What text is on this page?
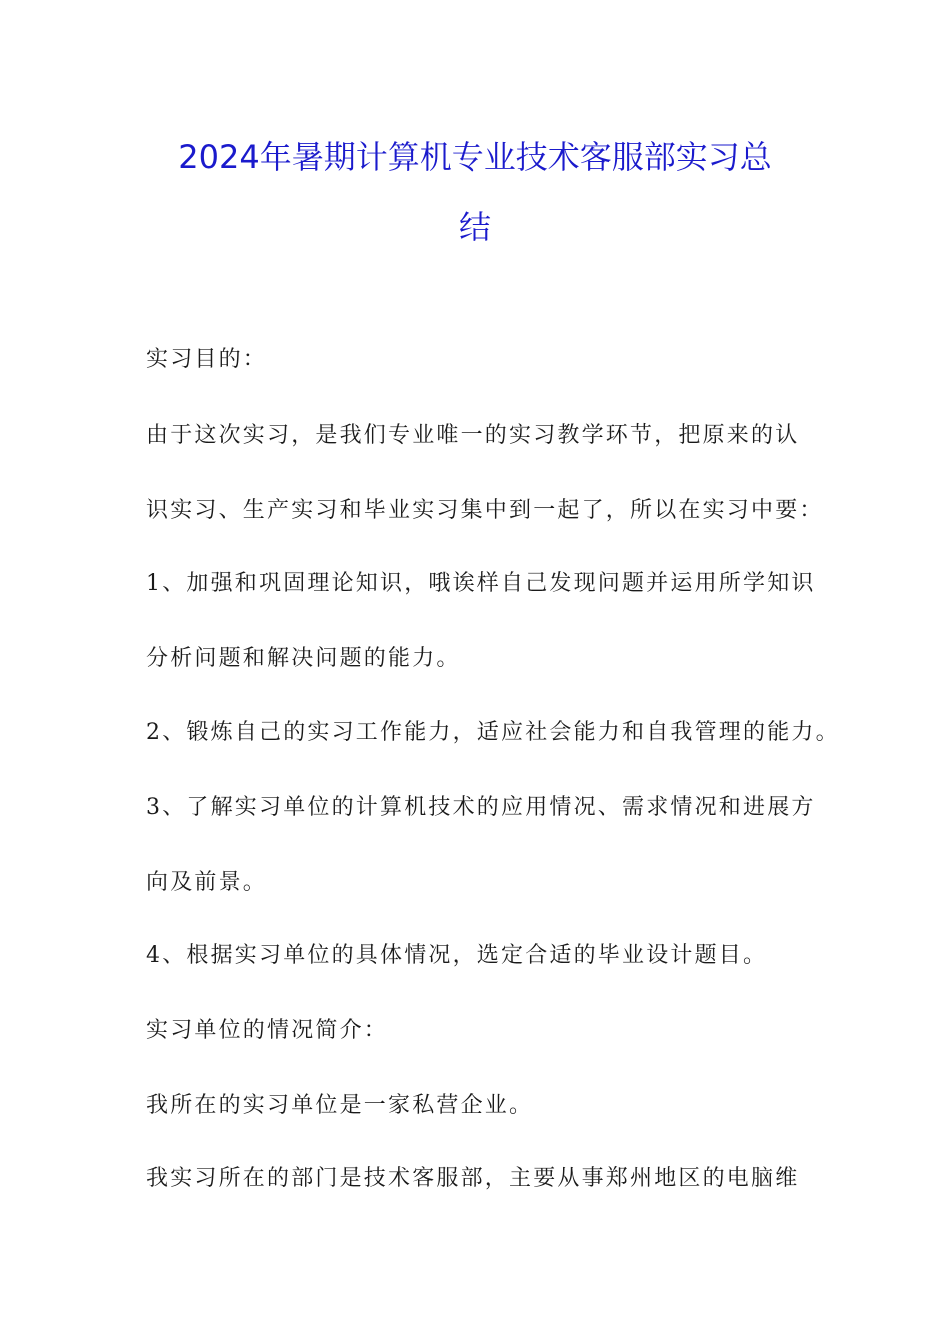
2024年暑期计算机专业技术客服部实习总
结
实习目的：
由于这次实习，是我们专业唯一的实习教学环节，把原来的认
识实习、生产实习和毕业实习集中到一起了，所以在实习中要：
1、加强和巩固理论知识，哦诶样自己发现问题并运用所学知识
分析问题和解决问题的能力。
2、锻炼自己的实习工作能力，适应社会能力和自我管理的能力。
3、了解实习单位的计算机技术的应用情况、需求情况和进展方
向及前景。
4、根据实习单位的具体情况，选定合适的毕业设计题目。
实习单位的情况简介：
我所在的实习单位是一家私营企业。
我实习所在的部门是技术客服部，主要从事郑州地区的电脑维
